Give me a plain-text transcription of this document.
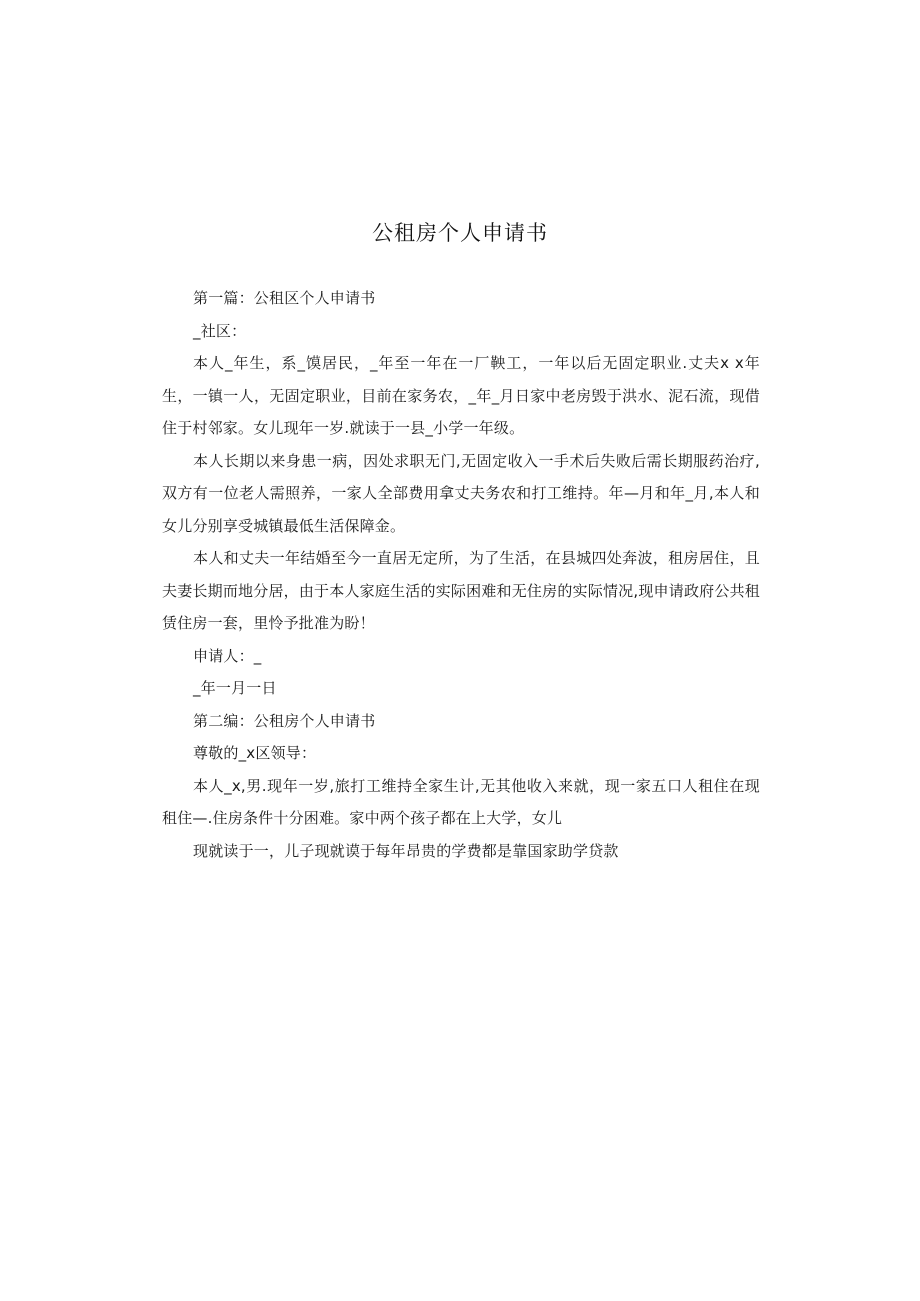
公租房个人申请书

第一篇：公租区个人申请书

_社区：

本人_年生，系_馍居民，_年至一年在一厂鞅工，一年以后无固定职业.丈夫x x年生，一镇一人，无固定职业，目前在家务农，_年_月日家中老房毁于洪水、泥石流，现借住于村邻家。女儿现年一岁.就读于一县_小学一年级。

本人长期以来身患一病，因处求职无门,无固定收入一手术后失败后需长期服药治疗,双方有一位老人需照养，一家人全部费用拿丈夫务农和打工维持。年—月和年_月,本人和女儿分别享受城镇最低生活保障金。

本人和丈夫一年结婚至今一直居无定所，为了生活，在县城四处奔波，租房居住，且夫妻长期而地分居，由于本人家庭生活的实际困难和无住房的实际情况,现申请政府公共租赁住房一套，里怜予批准为盼！

申请人：_

_年一月一日

第二编：公租房个人申请书

尊敬的_x区领导：

本人_x,男.现年一岁,旅打工维持全家生计,无其他收入来就，现一家五口人租住在现租住—.住房条件十分困难。家中两个孩子都在上大学，女儿

现就读于一，儿子现就谟于每年昂贵的学费都是靠国家助学贷款
